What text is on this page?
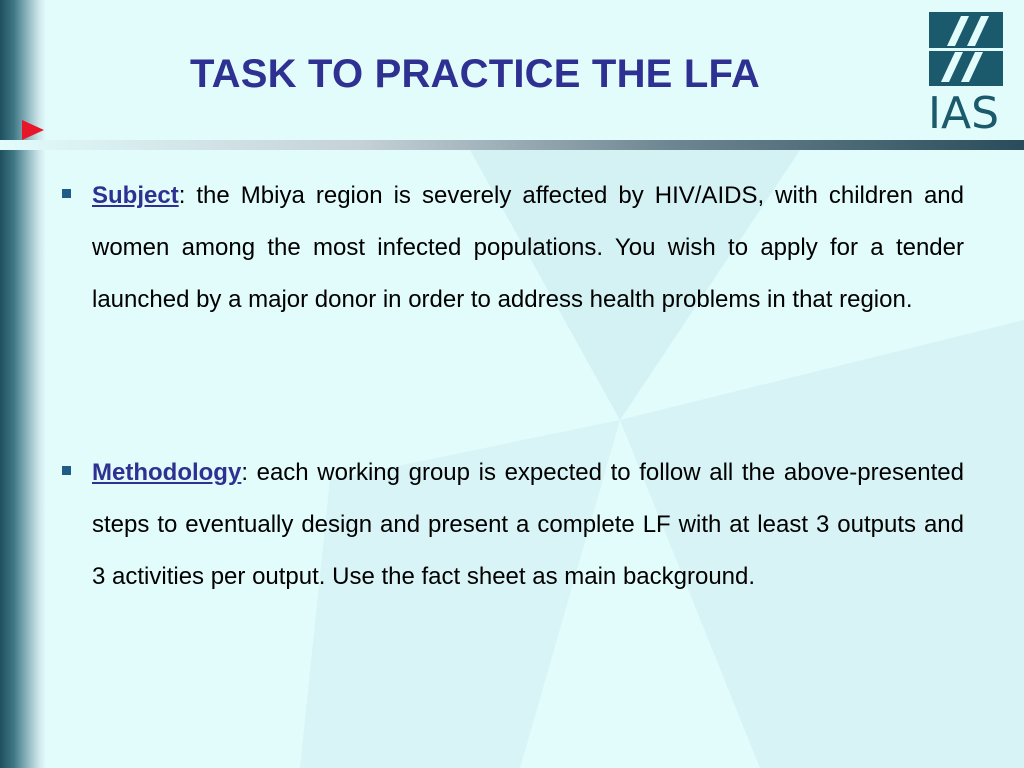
TASK TO PRACTICE THE LFA
IAS
Subject: the Mbiya region is severely affected by HIV/AIDS, with children and women among the most infected populations. You wish to apply for a tender launched by a major donor in order to address health problems in that region.
Methodology: each working group is expected to follow all the above-presented steps to eventually design and present a complete LF with at least 3 outputs and 3 activities per output. Use the fact sheet as main background.
